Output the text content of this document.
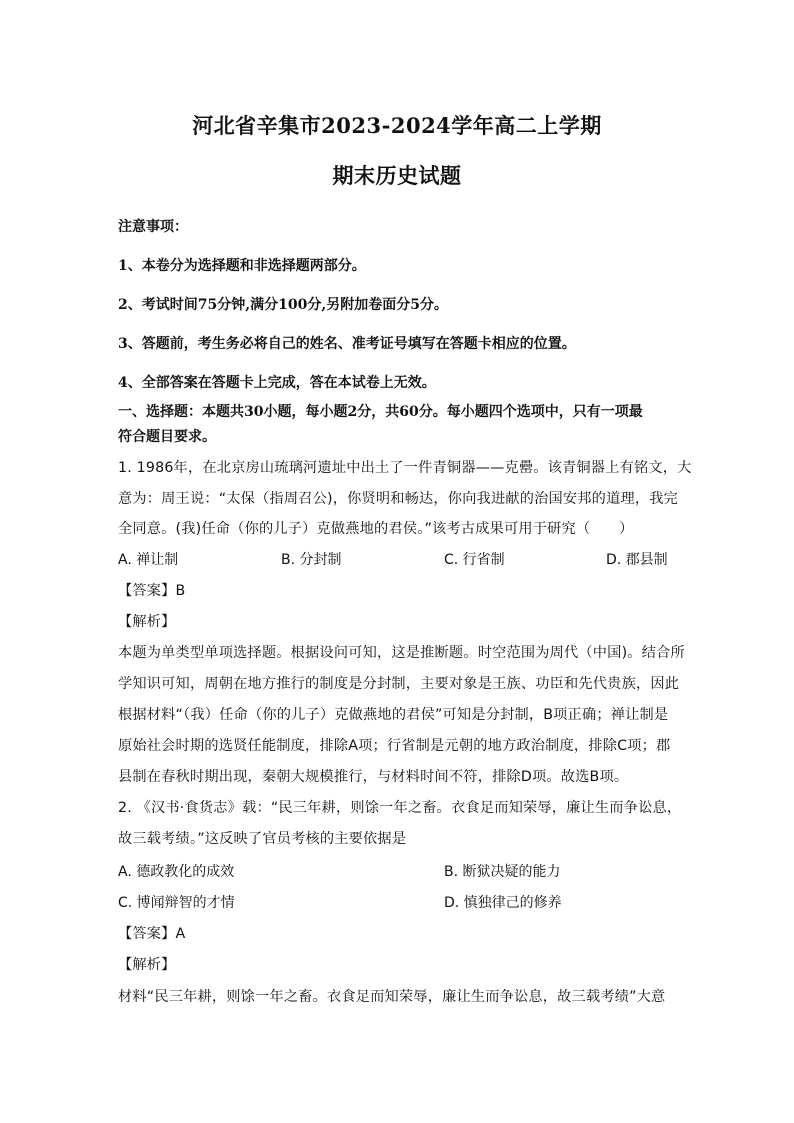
河北省辛集市2023-2024学年高二上学期
期末历史试题
注意事项：
1、本卷分为选择题和非选择题两部分。
2、考试时间75分钟,满分100分,另附加卷面分5分。
3、答题前，考生务必将自己的姓名、准考证号填写在答题卡相应的位置。
4、全部答案在答题卡上完成，答在本试卷上无效。
一、选择题：本题共30小题，每小题2分，共60分。每小题四个选项中，只有一项最
符合题目要求。
1. 1986年，在北京房山琉璃河遗址中出土了一件青铜器——克罍。该青铜器上有铭文，大
意为：周王说：“太保（指周召公)，你贤明和畅达，你向我进献的治国安邦的道理，我完
全同意。(我)任命（你的儿子）克做燕地的君侯。”该考古成果可用于研究（　　）
A. 禅让制	B. 分封制	C. 行省制	D. 郡县制
【答案】B
【解析】
本题为单类型单项选择题。根据设问可知，这是推断题。时空范围为周代（中国)。结合所
学知识可知，周朝在地方推行的制度是分封制，主要对象是王族、功臣和先代贵族，因此
根据材料“（我）任命（你的儿子）克做燕地的君侯”可知是分封制，B项正确；禅让制是
原始社会时期的选贤任能制度，排除A项；行省制是元朝的地方政治制度，排除C项；郡
县制在春秋时期出现，秦朝大规模推行，与材料时间不符，排除D项。故选B项。
2. 《汉书·食货志》载：“民三年耕，则馀一年之畜。衣食足而知荣辱，廉让生而争讼息，
故三载考绩。”这反映了官员考核的主要依据是
A. 德政教化的成效	B. 断狱决疑的能力
C. 博闻辩智的才情	D. 慎独律己的修养
【答案】A
【解析】
材料“民三年耕，则馀一年之畜。衣食足而知荣辱，廉让生而争讼息，故三载考绩”大意
